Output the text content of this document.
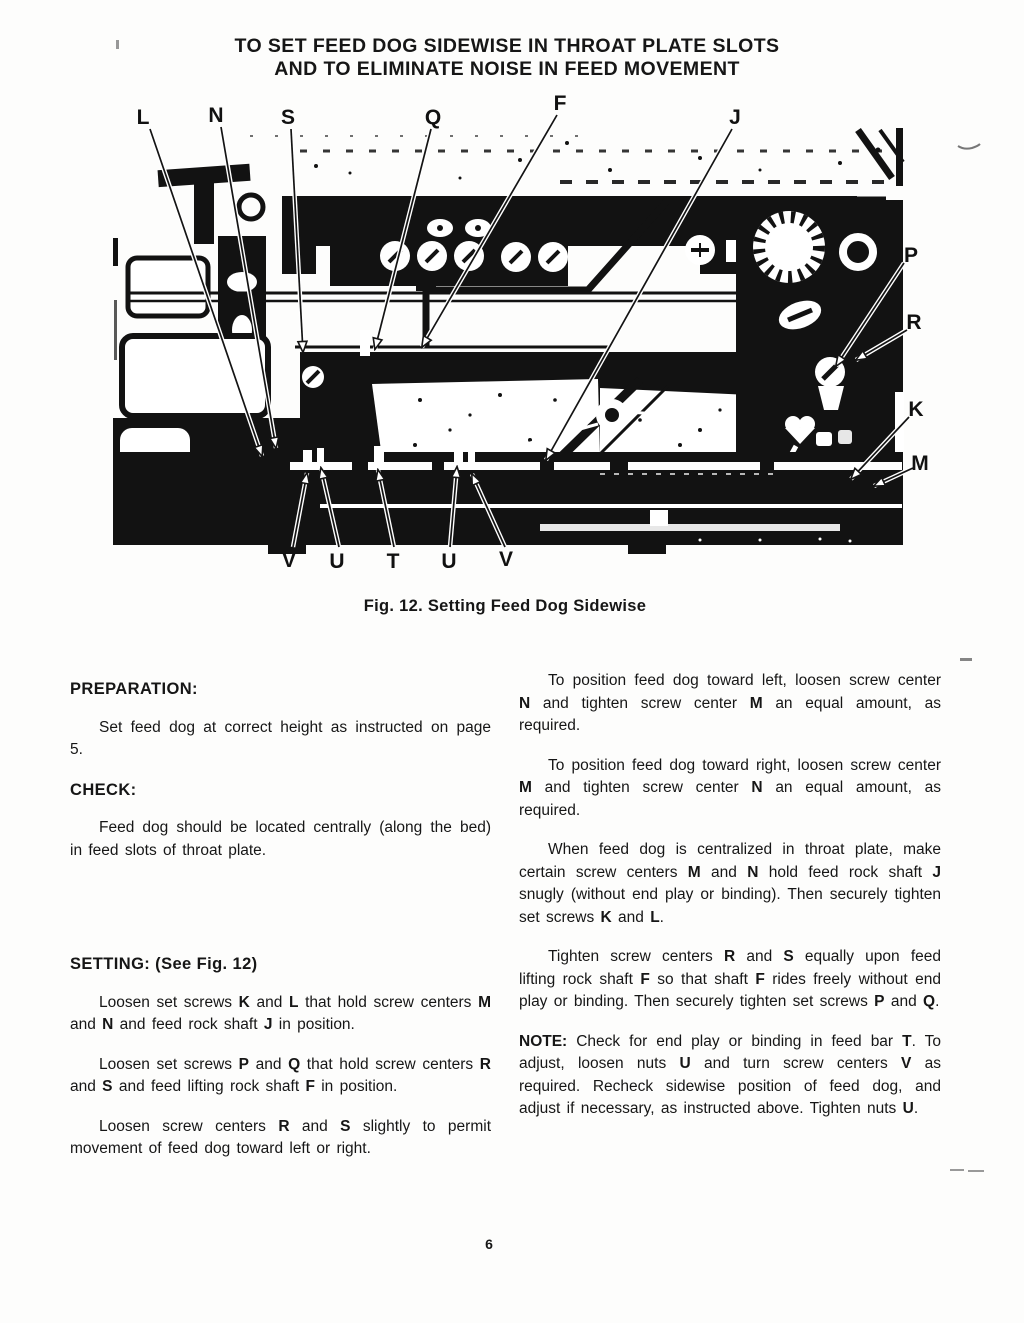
TO SET FEED DOG SIDEWISE IN THROAT PLATE SLOTS
AND TO ELIMINATE NOISE IN FEED MOVEMENT
Fig. 12. Setting Feed Dog Sidewise
PREPARATION:

Set feed dog at correct height as instructed on page 5.

CHECK:

Feed dog should be located centrally (along the bed) in feed slots of throat plate.

SETTING: (See Fig. 12)

Loosen set screws K and L that hold screw centers M and N and feed rock shaft J in position.

Loosen set screws P and Q that hold screw centers R and S and feed lifting rock shaft F in position.

Loosen screw centers R and S slightly to permit movement of feed dog toward left or right.

To position feed dog toward left, loosen screw center N and tighten screw center M an equal amount, as required.

To position feed dog toward right, loosen screw center M and tighten screw center N an equal amount, as required.

When feed dog is centralized in throat plate, make certain screw centers M and N hold feed rock shaft J snugly (without end play or binding). Then securely tighten set screws K and L.

Tighten screw centers R and S equally upon feed lifting rock shaft F so that shaft F rides freely without end play or binding. Then securely tighten set screws P and Q.

NOTE: Check for end play or binding in feed bar T. To adjust, loosen nuts U and turn screw centers V as required. Recheck sidewise position of feed dog, and adjust if necessary, as instructed above. Tighten nuts U.

6
L	N	S	Q
F
J
P
R
K
M
V U T U V
